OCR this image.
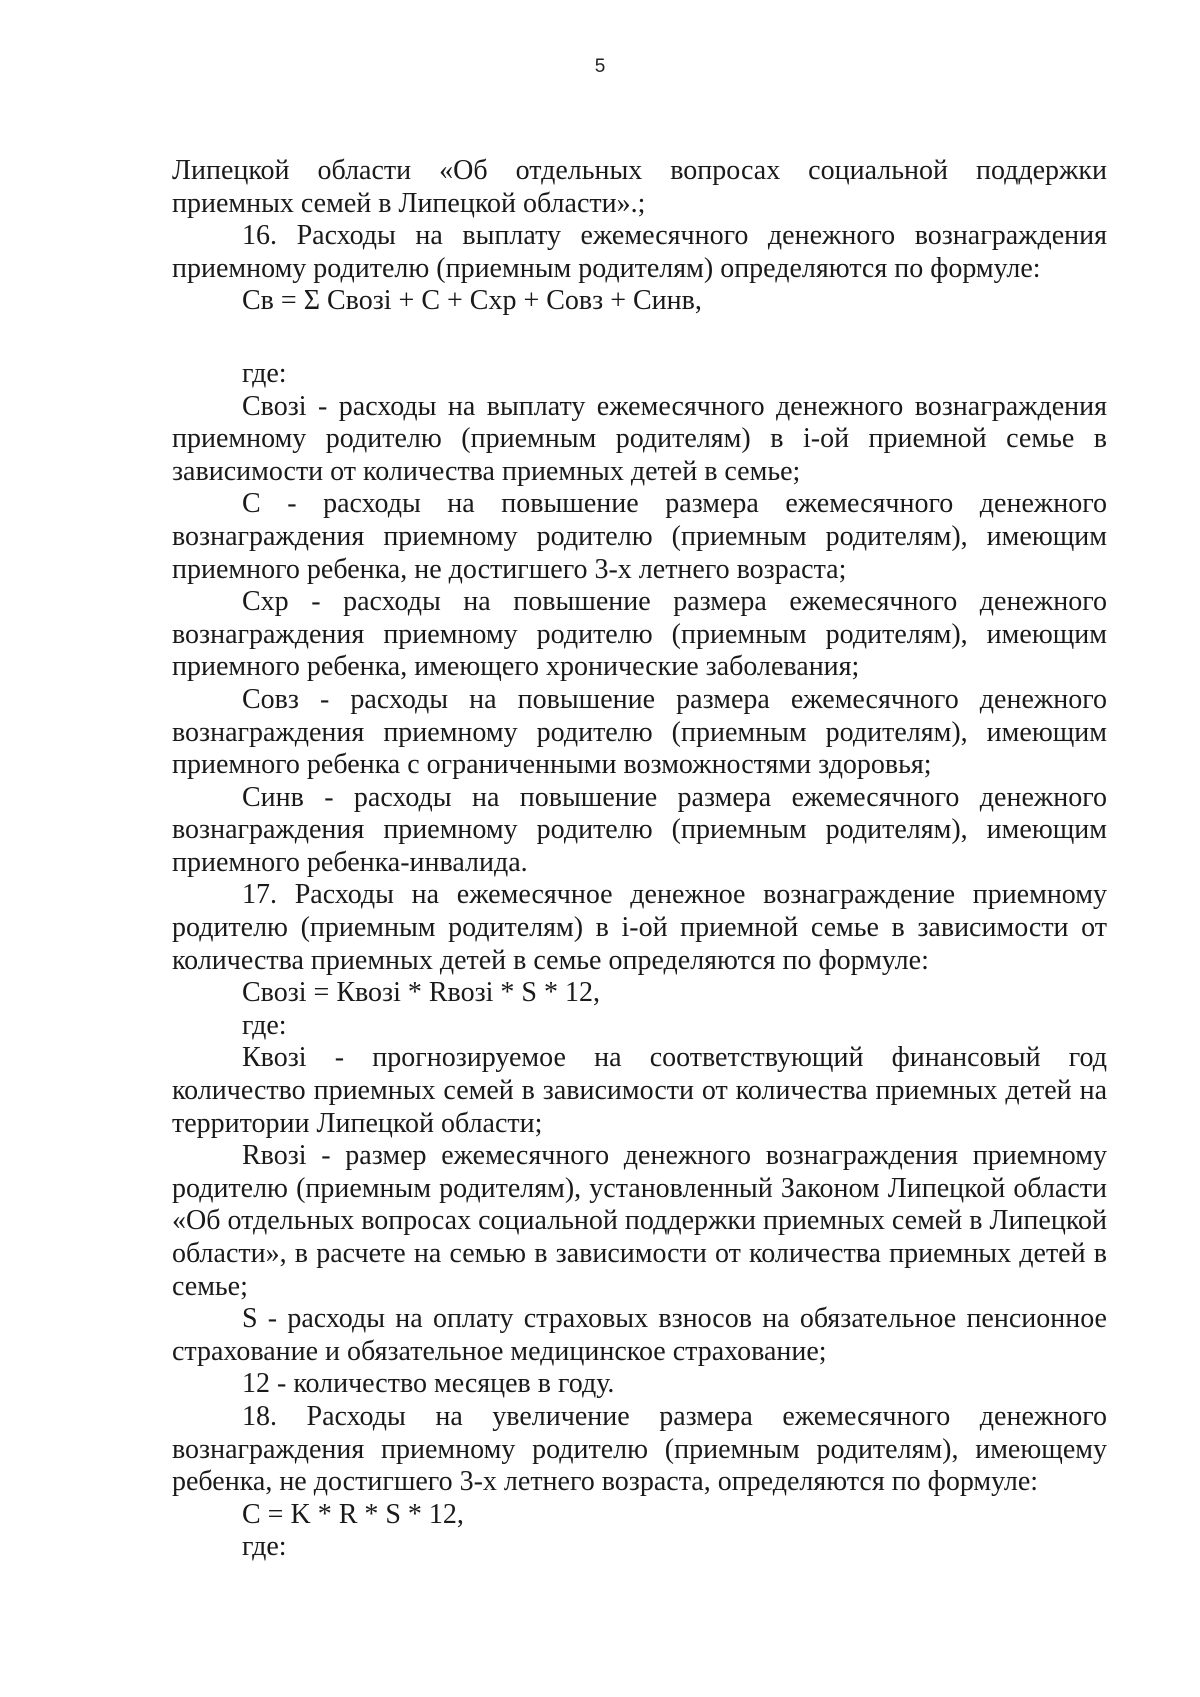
5

Липецкой области «Об отдельных вопросах социальной поддержки приемных семей в Липецкой области».;

16. Расходы на выплату ежемесячного денежного вознаграждения приемному родителю (приемным родителям) определяются по формуле:

Св = Σ Свозі + С + Схр + Совз + Синв,

где:

Свозі - расходы на выплату ежемесячного денежного вознаграждения приемному родителю (приемным родителям) в і-ой приемной семье в зависимости от количества приемных детей в семье;

С - расходы на повышение размера ежемесячного денежного вознаграждения приемному родителю (приемным родителям), имеющим приемного ребенка, не достигшего 3-х летнего возраста;

Схр - расходы на повышение размера ежемесячного денежного вознаграждения приемному родителю (приемным родителям), имеющим приемного ребенка, имеющего хронические заболевания;

Совз - расходы на повышение размера ежемесячного денежного вознаграждения приемному родителю (приемным родителям), имеющим приемного ребенка с ограниченными возможностями здоровья;

Синв - расходы на повышение размера ежемесячного денежного вознаграждения приемному родителю (приемным родителям), имеющим приемного ребенка-инвалида.

17. Расходы на ежемесячное денежное вознаграждение приемному родителю (приемным родителям) в і-ой приемной семье в зависимости от количества приемных детей в семье определяются по формуле:

Свозі = Квозі * Rвозі * S * 12,

где:

Квозі - прогнозируемое на соответствующий финансовый год количество приемных семей в зависимости от количества приемных детей на территории Липецкой области;

Rвозі - размер ежемесячного денежного вознаграждения приемному родителю (приемным родителям), установленный Законом Липецкой области «Об отдельных вопросах социальной поддержки приемных семей в Липецкой области», в расчете на семью в зависимости от количества приемных детей в семье;

S - расходы на оплату страховых взносов на обязательное пенсионное страхование и обязательное медицинское страхование;

12 - количество месяцев в году.

18. Расходы на увеличение размера ежемесячного денежного вознаграждения приемному родителю (приемным родителям), имеющему ребенка, не достигшего 3-х летнего возраста, определяются по формуле:

С = K * R * S * 12,

где:
